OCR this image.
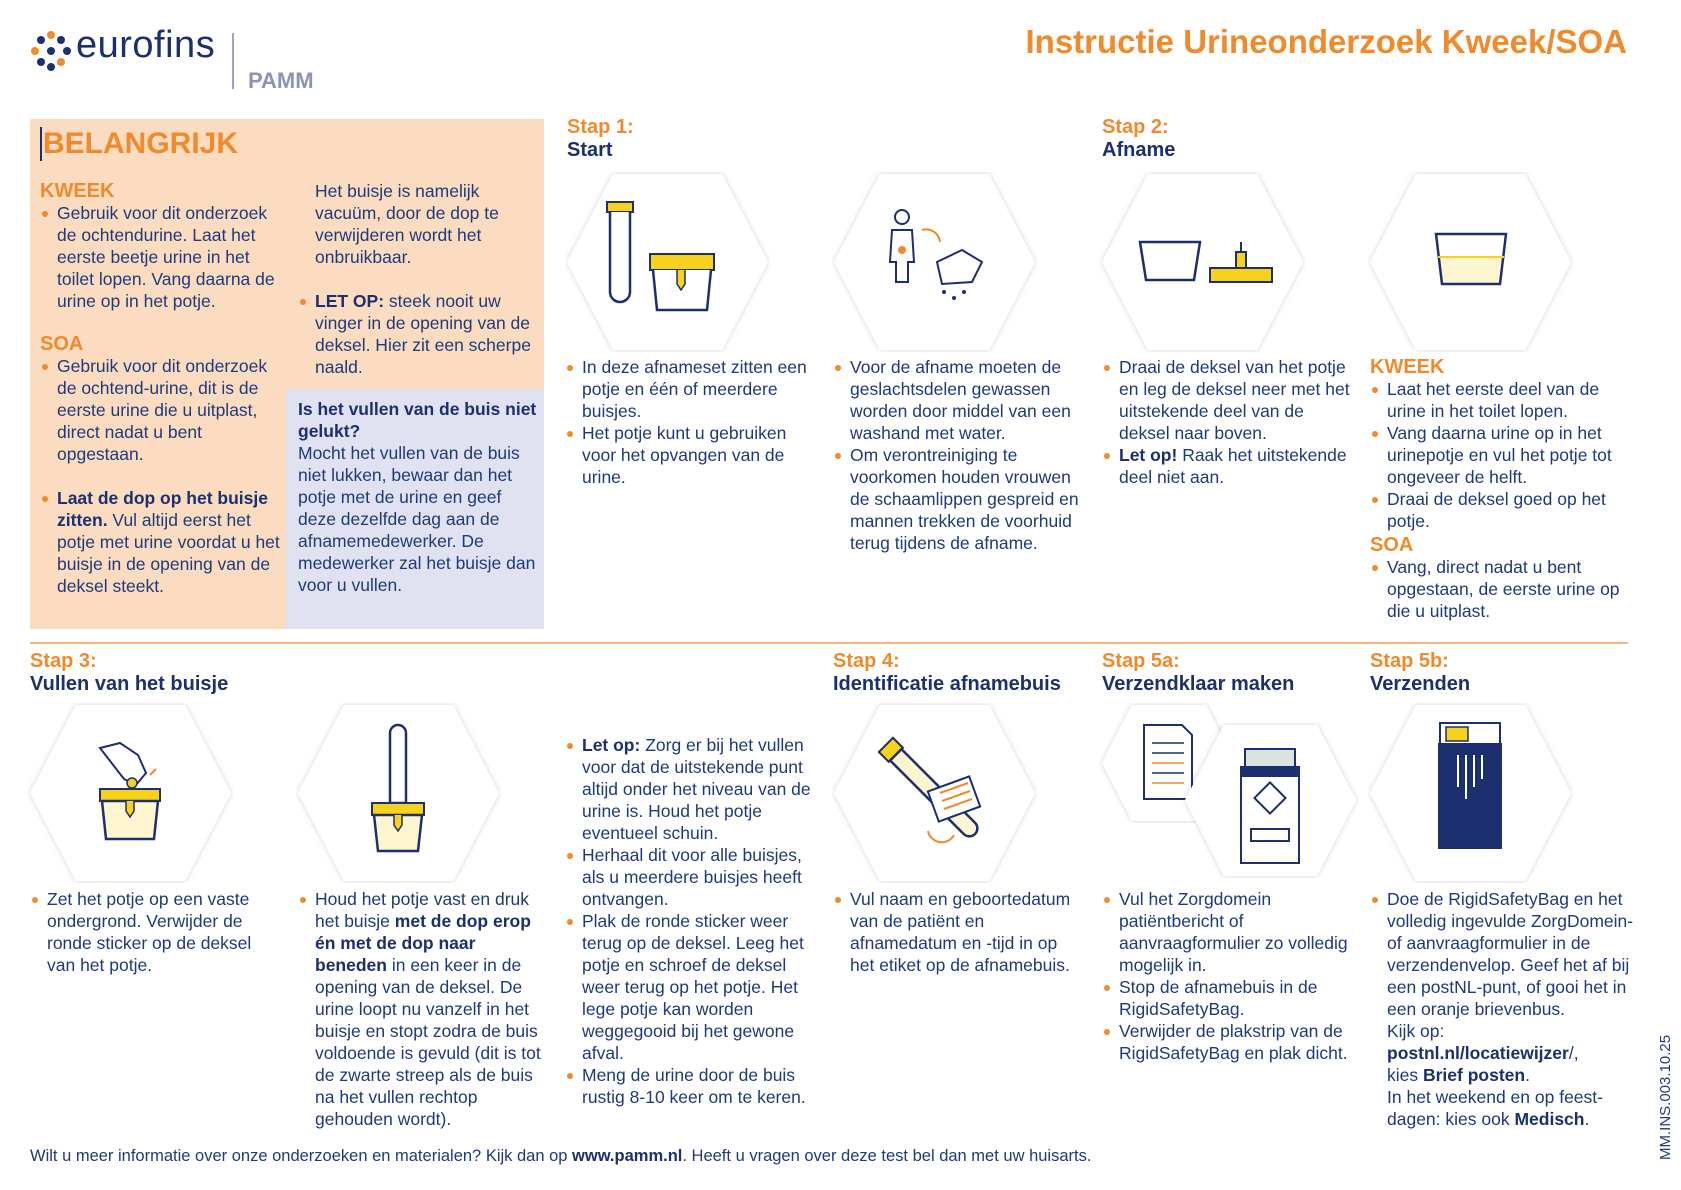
eurofins
PAMM
Instructie Urineonderzoek Kweek/SOA
BELANGRIJK
KWEEK
Gebruik voor dit onderzoek de ochtendurine. Laat het eerste beetje urine in het toilet lopen. Vang daarna de urine op in het potje.
SOA
Gebruik voor dit onderzoek de ochtend-urine, dit is de eerste urine die u uitplast, direct nadat u bent opgestaan.
Laat de dop op het buisje zitten. Vul altijd eerst het potje met urine voordat u het buisje in de opening van de deksel steekt.
Het buisje is namelijk vacuüm, door de dop te verwijderen wordt het onbruikbaar.
LET OP: steek nooit uw vinger in de opening van de deksel. Hier zit een scherpe naald.
Is het vullen van de buis niet gelukt?
Mocht het vullen van de buis niet lukken, bewaar dan het potje met de urine en geef deze dezelfde dag aan de afnamemedewerker. De medewerker zal het buisje dan voor u vullen.
Stap 1:
Start
In deze afnameset zitten een potje en één of meerdere buisjes.
Het potje kunt u gebruiken voor het opvangen van de urine.
Voor de afname moeten de geslachtsdelen gewassen worden door middel van een washand met water.
Om verontreiniging te voorkomen houden vrouwen de schaamlippen gespreid en mannen trekken de voorhuid terug tijdens de afname.
Stap 2:
Afname
Draai de deksel van het potje en leg de deksel neer met het uitstekende deel van de deksel naar boven.
Let op! Raak het uitstekende deel niet aan.
KWEEK
Laat het eerste deel van de urine in het toilet lopen.
Vang daarna urine op in het urinepotje en vul het potje tot ongeveer de helft.
Draai de deksel goed op het potje.
SOA
Vang, direct nadat u bent opgestaan, de eerste urine op die u uitplast.
Stap 3:
Vullen van het buisje
Zet het potje op een vaste ondergrond. Verwijder de ronde sticker op de deksel van het potje.
Houd het potje vast en druk het buisje met de dop erop én met de dop naar beneden in een keer in de opening van de deksel. De urine loopt nu vanzelf in het buisje en stopt zodra de buis voldoende is gevuld (dit is tot de zwarte streep als de buis na het vullen rechtop gehouden wordt).
Let op: Zorg er bij het vullen voor dat de uitstekende punt altijd onder het niveau van de urine is. Houd het potje eventueel schuin.
Herhaal dit voor alle buisjes, als u meerdere buisjes heeft ontvangen.
Plak de ronde sticker weer terug op de deksel. Leeg het potje en schroef de deksel weer terug op het potje. Het lege potje kan worden weggegooid bij het gewone afval.
Meng de urine door de buis rustig 8-10 keer om te keren.
Stap 4:
Identificatie afnamebuis
Vul naam en geboortedatum van de patiënt en afnamedatum en -tijd in op het etiket op de afnamebuis.
Stap 5a:
Verzendklaar maken
Vul het Zorgdomein patiëntbericht of aanvraagformulier zo volledig mogelijk in.
Stop de afnamebuis in de RigidSafetyBag.
Verwijder de plakstrip van de RigidSafetyBag en plak dicht.
Stap 5b:
Verzenden
Doe de RigidSafetyBag en het volledig ingevulde ZorgDomein- of aanvraagformulier in de verzendenvelop. Geef het af bij een postNL-punt, of gooi het in een oranje brievenbus.
Kijk op:
postnl.nl/locatiewijzer/,
kies Brief posten.
In het weekend en op feest-dagen: kies ook Medisch.	MM.INS.003.10.25
Wilt u meer informatie over onze onderzoeken en materialen? Kijk dan op www.pamm.nl. Heeft u vragen over deze test bel dan met uw huisarts.
